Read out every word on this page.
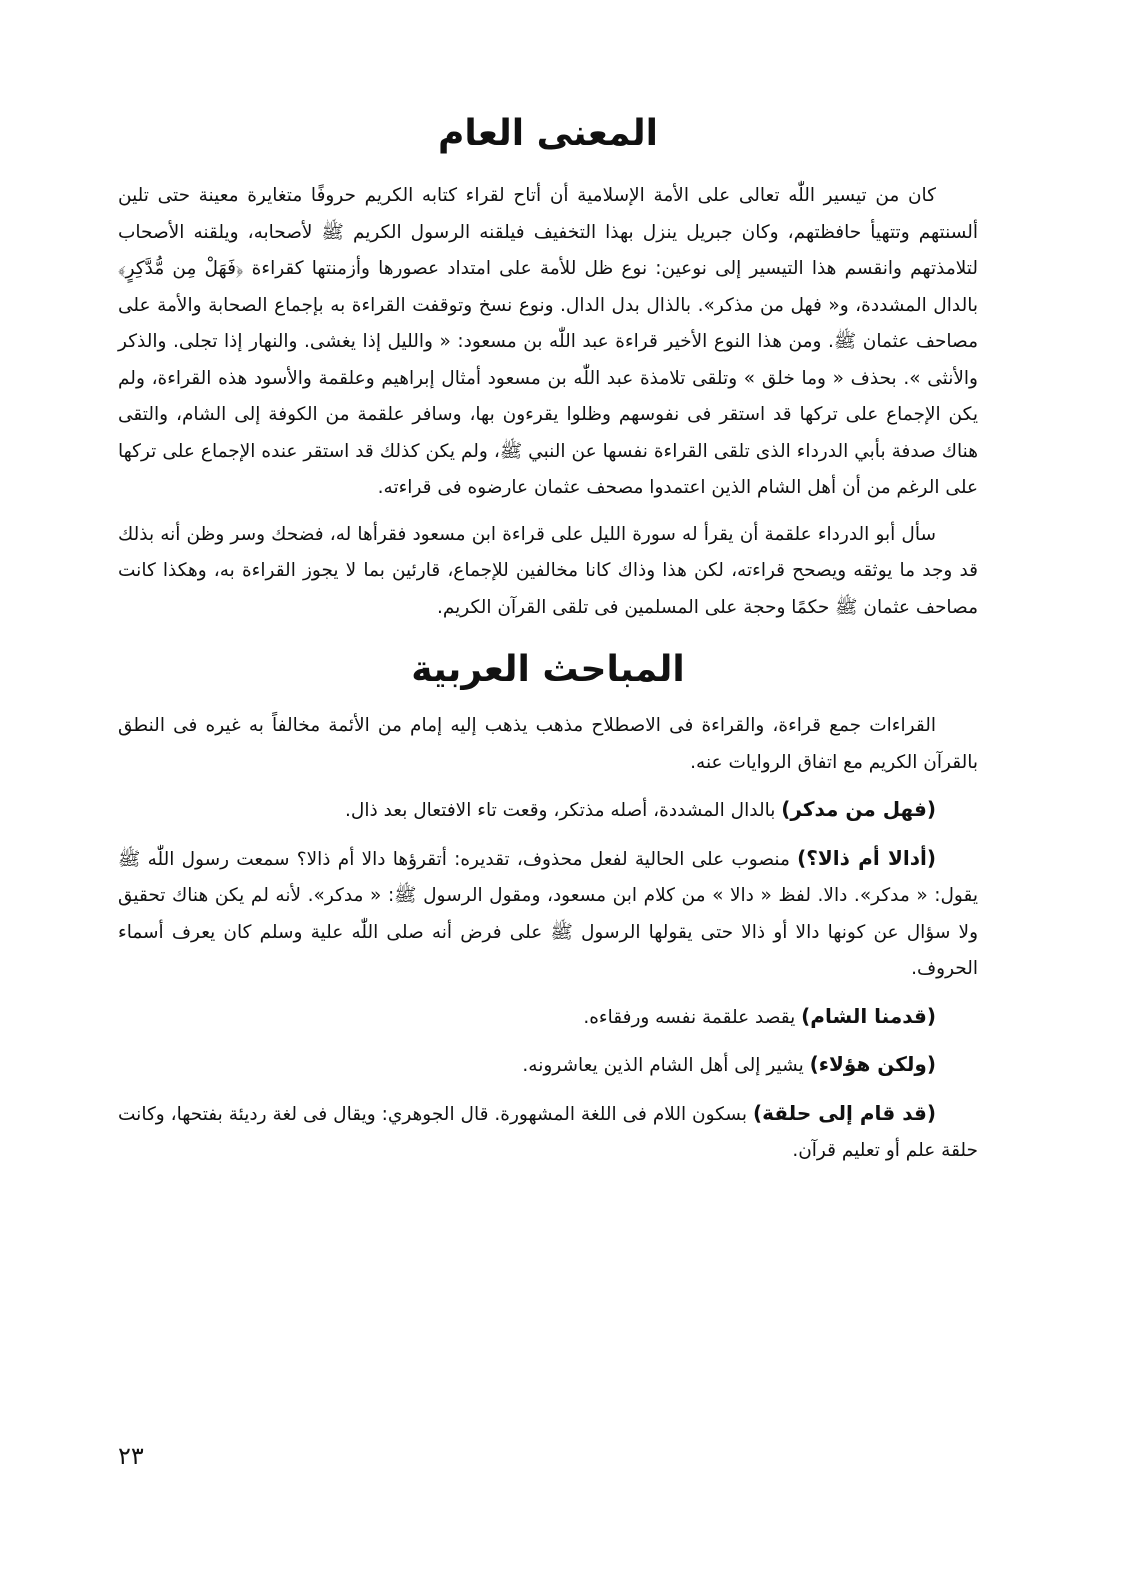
المعنى العام

كان من تيسير اللّٰه تعالى على الأمة الإسلامية أن أتاح لقراء كتابه الكريم حروفًا متغايرة معينة حتى تلين ألسنتهم وتتهيأ حافظتهم، وكان جبريل ينزل بهذا التخفيف فيلقنه الرسول الكريم ﷺ لأصحابه، ويلقنه الأصحاب لتلامذتهم وانقسم هذا التيسير إلى نوعين: نوع ظل للأمة على امتداد عصورها وأزمنتها كقراءة ﴿فَهَلْ مِن مُّدَّكِرٍ﴾ بالدال المشددة، و« فهل من مذكر». بالذال بدل الدال. ونوع نسخ وتوقفت القراءة به بإجماع الصحابة والأمة على مصاحف عثمان ﷺ. ومن هذا النوع الأخير قراءة عبد اللّٰه بن مسعود: « والليل إذا يغشى. والنهار إذا تجلى. والذكر والأنثى ». بحذف « وما خلق » وتلقى تلامذة عبد اللّٰه بن مسعود أمثال إبراهيم وعلقمة والأسود هذه القراءة، ولم يكن الإجماع على تركها قد استقر فى نفوسهم وظلوا يقرءون بها، وسافر علقمة من الكوفة إلى الشام، والتقى هناك صدفة بأبي الدرداء الذى تلقى القراءة نفسها عن النبي ﷺ، ولم يكن كذلك قد استقر عنده الإجماع على تركها على الرغم من أن أهل الشام الذين اعتمدوا مصحف عثمان عارضوه فى قراءته.

سأل أبو الدرداء علقمة أن يقرأ له سورة الليل على قراءة ابن مسعود فقرأها له، فضحك وسر وظن أنه بذلك قد وجد ما يوثقه ويصحح قراءته، لكن هذا وذاك كانا مخالفين للإجماع، قارئين بما لا يجوز القراءة به، وهكذا كانت مصاحف عثمان ﷺ حكمًا وحجة على المسلمين فى تلقى القرآن الكريم.

المباحث العربية

القراءات جمع قراءة، والقراءة فى الاصطلاح مذهب يذهب إليه إمام من الأئمة مخالفاً به غيره فى النطق بالقرآن الكريم مع اتفاق الروايات عنه.

(فهل من مدكر) بالدال المشددة، أصله مذتكر، وقعت تاء الافتعال بعد ذال.

(أدالا أم ذالا؟) منصوب على الحالية لفعل محذوف، تقديره: أتقرؤها دالا أم ذالا؟ سمعت رسول اللّٰه ﷺ يقول: « مدكر». دالا. لفظ « دالا » من كلام ابن مسعود، ومقول الرسول ﷺ: « مدكر». لأنه لم يكن هناك تحقيق ولا سؤال عن كونها دالا أو ذالا حتى يقولها الرسول ﷺ على فرض أنه صلى اللّٰه علية وسلم كان يعرف أسماء الحروف.

(قدمنا الشام) يقصد علقمة نفسه ورفقاءه.

(ولكن هؤلاء) يشير إلى أهل الشام الذين يعاشرونه.

(قد قام إلى حلقة) بسكون اللام فى اللغة المشهورة. قال الجوهري: ويقال فى لغة رديئة بفتحها، وكانت حلقة علم أو تعليم قرآن.

٢٣
